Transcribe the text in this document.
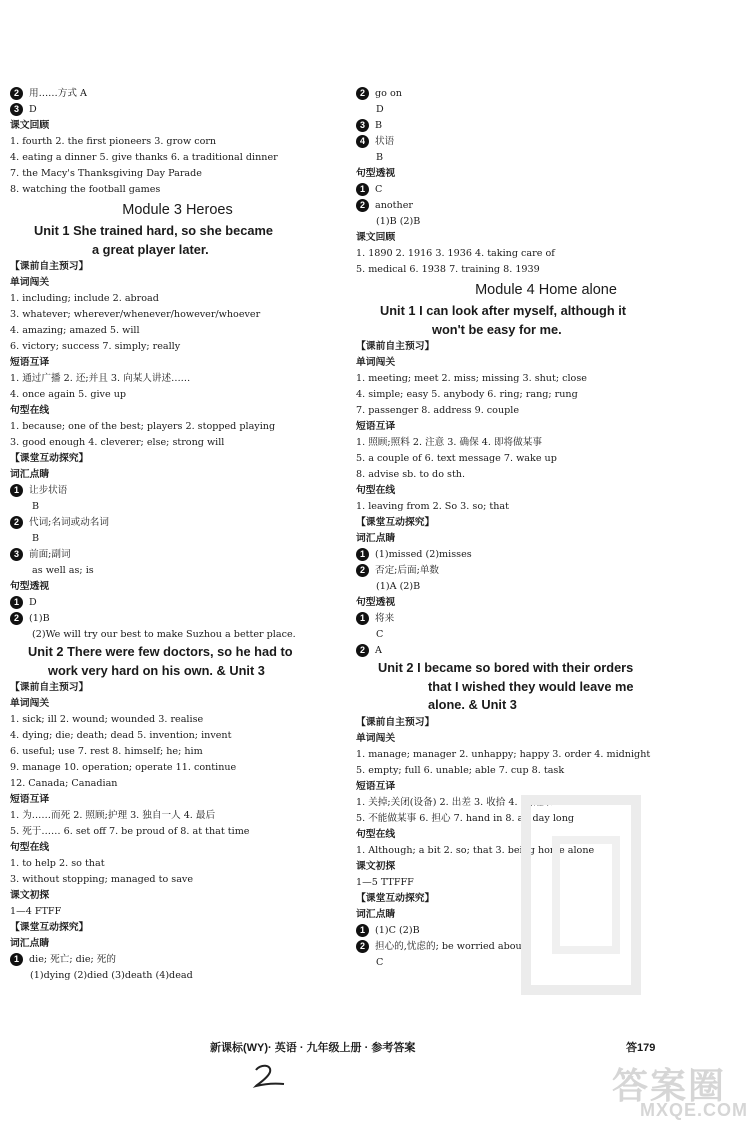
2 用……方式 A
3 D
课文回顾
1. fourth 2. the first pioneers 3. grow corn
4. eating a dinner 5. give thanks 6. a traditional dinner
7. the Macy's Thanksgiving Day Parade
8. watching the football games
Module 3 Heroes
Unit 1 She trained hard, so she became
a great player later.
【课前自主预习】
单词闯关
1. including; include 2. abroad
3. whatever; wherever/whenever/however/whoever
4. amazing; amazed 5. will
6. victory; success 7. simply; really
短语互译
1. 通过广播 2. 还;并且 3. 向某人讲述……
4. once again 5. give up
句型在线
1. because; one of the best; players 2. stopped playing
3. good enough 4. cleverer; else; strong will
【课堂互动探究】
词汇点睛
1 让步状语
B
2 代词;名词或动名词
B
3 前面;副词
as well as; is
句型透视
1 D
2 (1)B
(2)We will try our best to make Suzhou a better place.
Unit 2 There were few doctors, so he had to
work very hard on his own. & Unit 3
【课前自主预习】
单词闯关
1. sick; ill 2. wound; wounded 3. realise
4. dying; die; death; dead 5. invention; invent
6. useful; use 7. rest 8. himself; he; him
9. manage 10. operation; operate 11. continue
12. Canada; Canadian
短语互译
1. 为……而死 2. 照顾;护理 3. 独自一人 4. 最后
5. 死于…… 6. set off 7. be proud of 8. at that time
句型在线
1. to help 2. so that
3. without stopping; managed to save
课文初探
1—4 FTFF
【课堂互动探究】
词汇点睛
1 die; 死亡; die; 死的
(1)dying (2)died (3)death (4)dead
2 go on
D
3 B
4 状语
B
句型透视
1 C
2 another
(1)B (2)B
课文回顾
1. 1890 2. 1916 3. 1936 4. taking care of
5. medical 6. 1938 7. training 8. 1939
Module 4 Home alone
Unit 1 I can look after myself, although it
won't be easy for me.
【课前自主预习】
单词闯关
1. meeting; meet 2. miss; missing 3. shut; close
4. simple; easy 5. anybody 6. ring; rang; rung
7. passenger 8. address 9. couple
短语互译
1. 照顾;照料 2. 注意 3. 确保 4. 即将做某事
5. a couple of 6. text message 7. wake up
8. advise sb. to do sth.
句型在线
1. leaving from 2. So 3. so; that
【课堂互动探究】
词汇点睛
1 (1)missed (2)misses
2 否定;后面;单数
(1)A (2)B
句型透视
1 将来
C
2 A
Unit 2 I became so bored with their orders
that I wished they would leave me
alone. & Unit 3
【课前自主预习】
单词闯关
1. manage; manager 2. unhappy; happy 3. order 4. midnight
5. empty; full 6. unable; able 7. cup 8. task
短语互译
1. 关掉;关闭(设备) 2. 出差 3. 收拾 4. 醒;醒来
5. 不能做某事 6. 担心 7. hand in 8. all day long
句型在线
1. Although; a bit 2. so; that 3. being home alone
课文初探
1—5 TTFFF
【课堂互动探究】
词汇点睛
1 (1)C (2)B
2 担心的,忧虑的; be worried about
C
新课标(WY)· 英语 · 九年级上册 · 参考答案	答179
答案圈
MXQE.COM
